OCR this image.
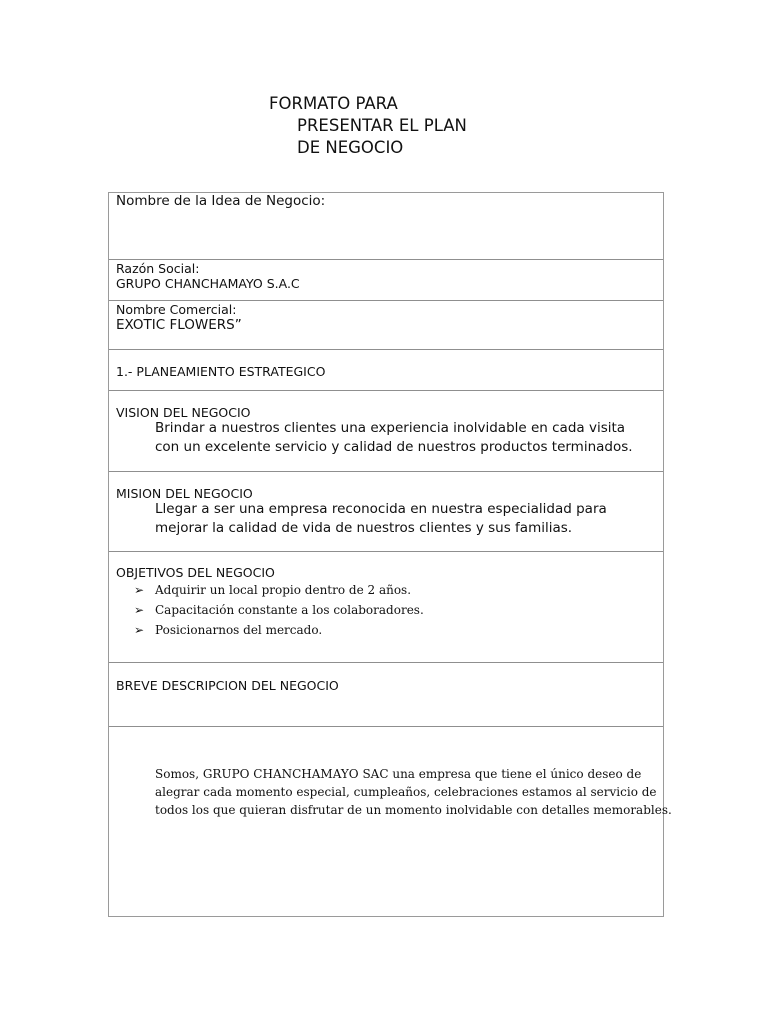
FORMATO PARA
PRESENTAR EL PLAN
DE NEGOCIO
Nombre de la Idea de Negocio:
Razón Social:
GRUPO CHANCHAMAYO S.A.C
Nombre Comercial:
EXOTIC FLOWERS”
1.- PLANEAMIENTO ESTRATEGICO
VISION DEL NEGOCIO
Brindar a nuestros clientes una experiencia inolvidable en cada visita
con un excelente servicio y calidad de nuestros productos terminados.
MISION DEL NEGOCIO
Llegar a ser una empresa reconocida en nuestra especialidad para
mejorar la calidad de vida de nuestros clientes y sus familias.
OBJETIVOS DEL NEGOCIO
➢ Adquirir un local propio dentro de 2 años.
➢ Capacitación constante a los colaboradores.
➢ Posicionarnos del mercado.
BREVE DESCRIPCION DEL NEGOCIO
Somos, GRUPO CHANCHAMAYO SAC una empresa que tiene el único deseo de
alegrar cada momento especial, cumpleaños, celebraciones estamos al servicio de
todos los que quieran disfrutar de un momento inolvidable con detalles memorables.
